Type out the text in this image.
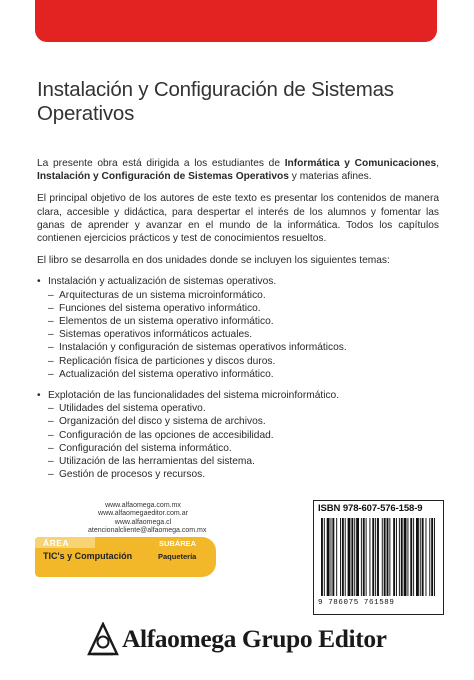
Instalación y Configuración de Sistemas
Operativos

La presente obra está dirigida a los estudiantes de Informática y Comunicaciones, Instalación y Configuración de Sistemas Operativos y materias afines.

El principal objetivo de los autores de este texto es presentar los contenidos de manera clara, accesible y didáctica, para despertar el interés de los alumnos y fomentar las ganas de aprender y avanzar en el mundo de la informática. Todos los capítulos contienen ejercicios prácticos y test de conocimientos resueltos.

El libro se desarrolla en dos unidades donde se incluyen los siguientes temas:

• Instalación y actualización de sistemas operativos.
– Arquitecturas de un sistema microinformático.
– Funciones del sistema operativo informático.
– Elementos de un sistema operativo informático.
– Sistemas operativos informáticos actuales.
– Instalación y configuración de sistemas operativos informáticos.
– Replicación física de particiones y discos duros.
– Actualización del sistema operativo informático.
• Explotación de las funcionalidades del sistema microinformático.
– Utilidades del sistema operativo.
– Organización del disco y sistema de archivos.
– Configuración de las opciones de accesibilidad.
– Configuración del sistema informático.
– Utilización de las herramientas del sistema.
– Gestión de procesos y recursos.
www.alfaomega.com.mx
www.alfaomegaeditor.com.ar
www.alfaomega.cl
atencionalcliente@alfaomega.com.mx
ÁREA	SUBÁREA
TIC's y Computación	Paquetería
ISBN 978-607-576-158-9
9 786075 761589
Alfaomega Grupo Editor
